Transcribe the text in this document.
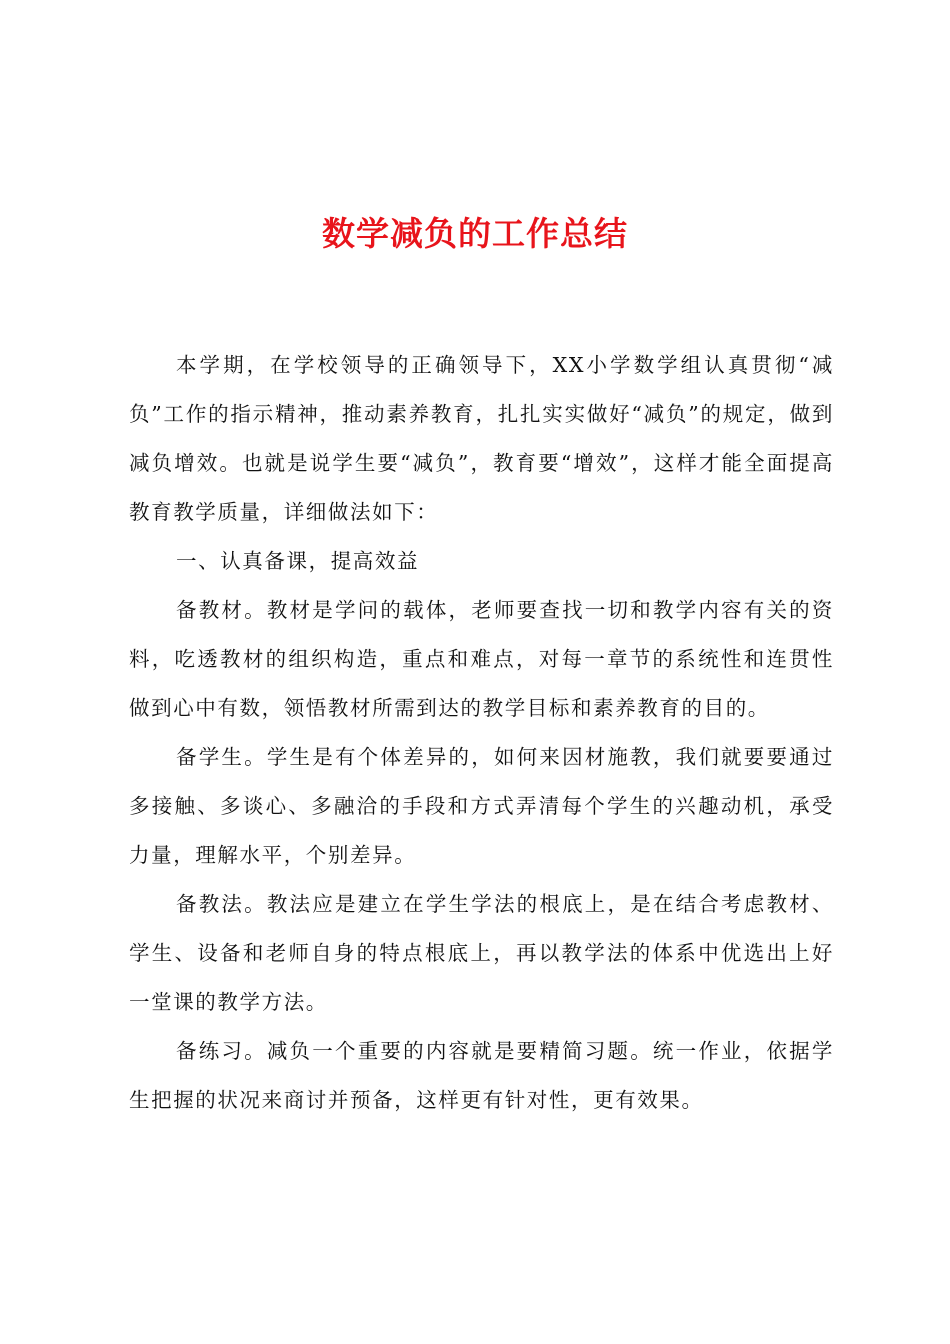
数学减负的工作总结

本学期，在学校领导的正确领导下，XX小学数学组认真贯彻“减负”工作的指示精神，推动素养教育，扎扎实实做好“减负”的规定，做到减负增效。也就是说学生要“减负”，教育要“增效”，这样才能全面提高教育教学质量，详细做法如下：

一、认真备课，提高效益

备教材。教材是学问的载体，老师要查找一切和教学内容有关的资料，吃透教材的组织构造，重点和难点，对每一章节的系统性和连贯性做到心中有数，领悟教材所需到达的教学目标和素养教育的目的。

备学生。学生是有个体差异的，如何来因材施教，我们就要要通过多接触、多谈心、多融洽的手段和方式弄清每个学生的兴趣动机，承受力量，理解水平，个别差异。

备教法。教法应是建立在学生学法的根底上，是在结合考虑教材、学生、设备和老师自身的特点根底上，再以教学法的体系中优选出上好一堂课的教学方法。

备练习。减负一个重要的内容就是要精简习题。统一作业，依据学生把握的状况来商讨并预备，这样更有针对性，更有效果。
